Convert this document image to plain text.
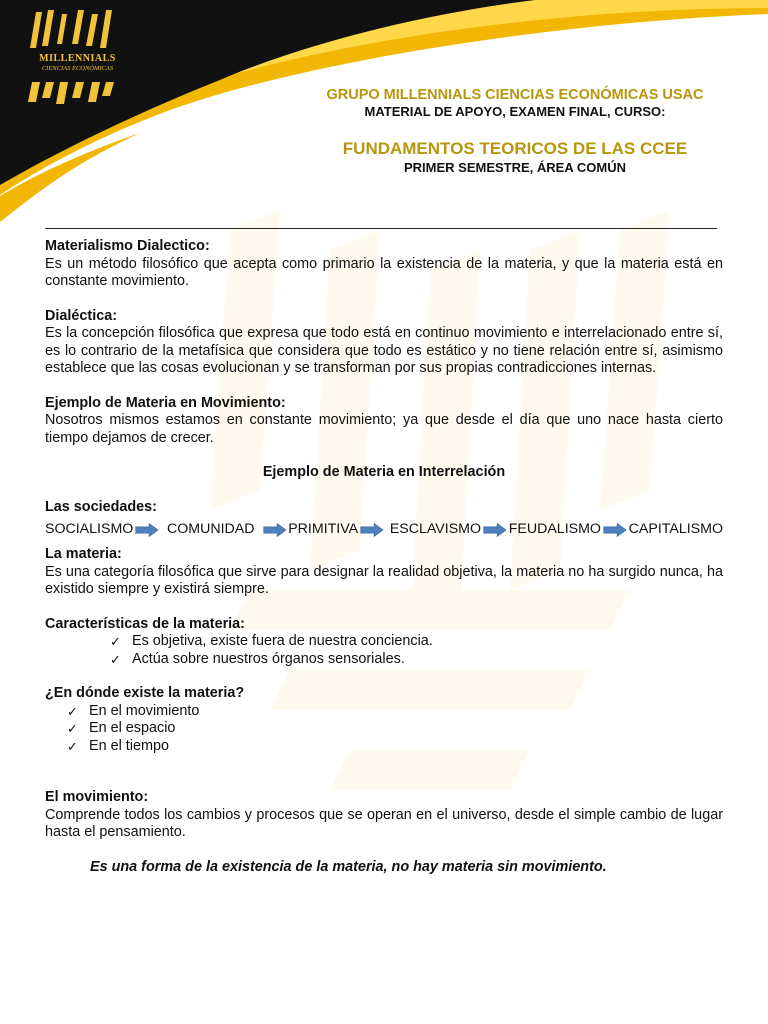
MILLENNIALS
CIENCIAS ECONÓMICAS
GRUPO MILLENNIALS CIENCIAS ECONÓMICAS USAC
MATERIAL DE APOYO, EXAMEN FINAL, CURSO:
FUNDAMENTOS TEORICOS DE LAS CCEE
PRIMER SEMESTRE, ÁREA COMÚN

Materialismo Dialectico:

Es un método filosófico que acepta como primario la existencia de la materia, y que la materia está en constante movimiento.

Dialéctica:

Es la concepción filosófica que expresa que todo está en continuo movimiento e interrelacionado entre sí, es lo contrario de la metafísica que considera que todo es estático y no tiene relación entre sí, asimismo establece que las cosas evolucionan y se transforman por sus propias contradicciones internas.

Ejemplo de Materia en Movimiento:

Nosotros mismos estamos en constante movimiento; ya que desde el día que uno nace hasta cierto tiempo dejamos de crecer.

Ejemplo de Materia en Interrelación

Las sociedades:

SOCIALISMO COMUNIDAD PRIMITIVA ESCLAVISMO FEUDALISMO CAPITALISMO

La materia:

Es una categoría filosófica que sirve para designar la realidad objetiva, la materia no ha surgido nunca, ha existido siempre y existirá siempre.

Características de la materia:

✓ Es objetiva, existe fuera de nuestra conciencia.
✓ Actúa sobre nuestros órganos sensoriales.

¿En dónde existe la materia?

✓ En el movimiento
✓ En el espacio
✓ En el tiempo

El movimiento:

Comprende todos los cambios y procesos que se operan en el universo, desde el simple cambio de lugar hasta el pensamiento.

Es una forma de la existencia de la materia, no hay materia sin movimiento.
